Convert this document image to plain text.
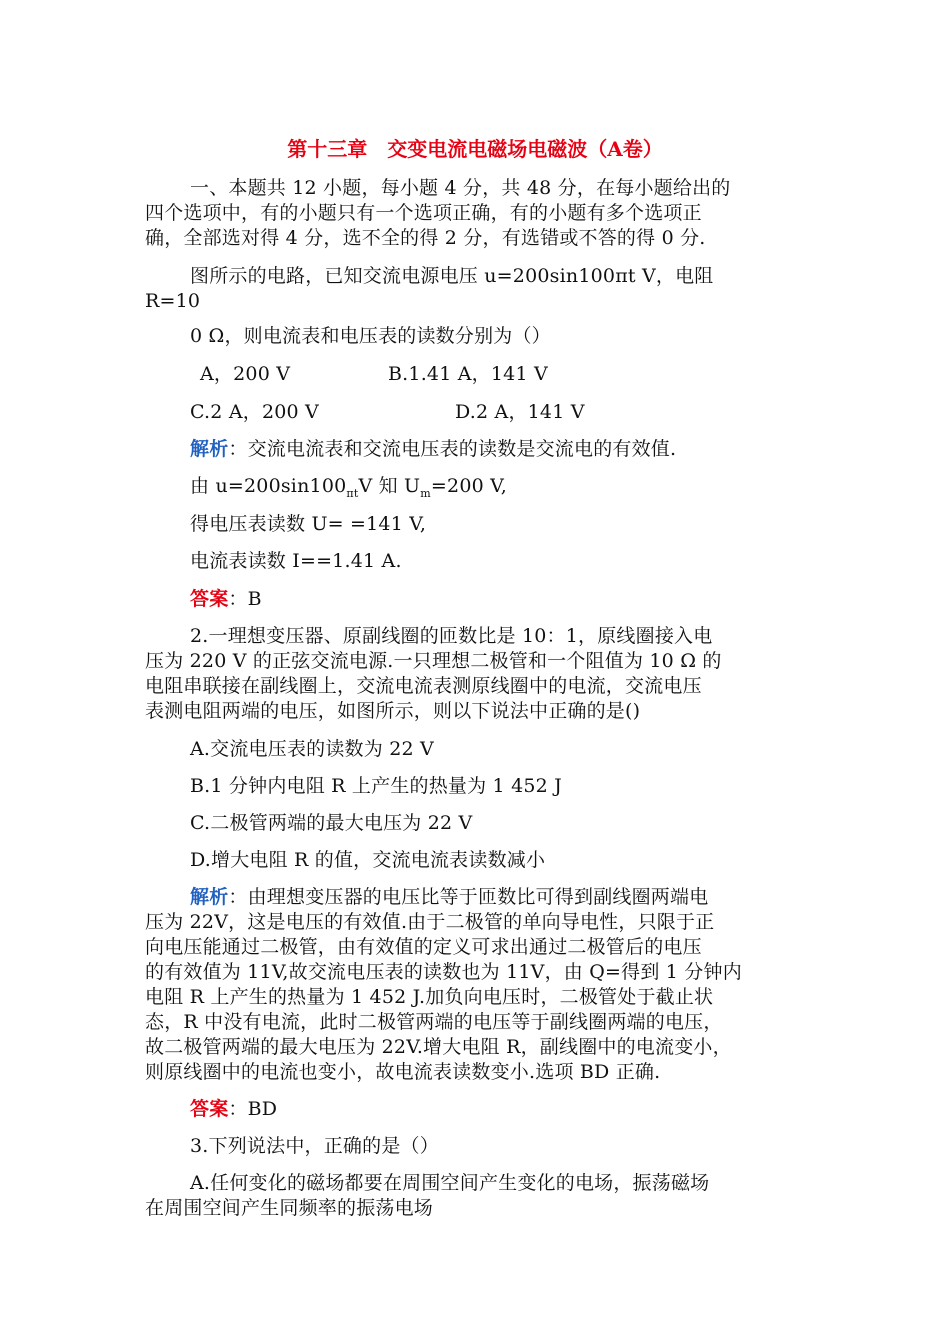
第十三章　交变电流电磁场电磁波（A卷）
一、本题共 12 小题，每小题 4 分，共 48 分，在每小题给出的
四个选项中，有的小题只有一个选项正确，有的小题有多个选项正
确，全部选对得 4 分，选不全的得 2 分，有选错或不答的得 0 分.
图所示的电路，已知交流电源电压 u=200sin100πt V，电阻
R=10
0 Ω，则电流表和电压表的读数分别为（）
A，200 V	B.1.41 A，141 V
C.2 A，200 V	D.2 A，141 V
解析：交流电流表和交流电压表的读数是交流电的有效值.
由 $u=200\sin 100_{\pi t}V$ 知 $U_m=200$ V,
得电压表读数 U= =141 V,
电流表读数 I==1.41 A.
答案：B
2.一理想变压器、原副线圈的匝数比是 10：1，原线圈接入电
压为 220 V 的正弦交流电源.一只理想二极管和一个阻值为 10 Ω 的
电阻串联接在副线圈上，交流电流表测原线圈中的电流，交流电压
表测电阻两端的电压，如图所示，则以下说法中正确的是()
A.交流电压表的读数为 22 V
B.1 分钟内电阻 R 上产生的热量为 1 452 J
C.二极管两端的最大电压为 22 V
D.增大电阻 R 的值，交流电流表读数减小
解析：由理想变压器的电压比等于匝数比可得到副线圈两端电
压为 22V，这是电压的有效值.由于二极管的单向导电性，只限于正
向电压能通过二极管，由有效值的定义可求出通过二极管后的电压
的有效值为 11V,故交流电压表的读数也为 11V，由 Q=得到 1 分钟内
电阻 R 上产生的热量为 1 452 J.加负向电压时，二极管处于截止状
态，R 中没有电流，此时二极管两端的电压等于副线圈两端的电压，
故二极管两端的最大电压为 22V.增大电阻 R，副线圈中的电流变小，
则原线圈中的电流也变小，故电流表读数变小.选项 BD 正确.
答案：BD
3.下列说法中，正确的是（）
A.任何变化的磁场都要在周围空间产生变化的电场，振荡磁场
在周围空间产生同频率的振荡电场
